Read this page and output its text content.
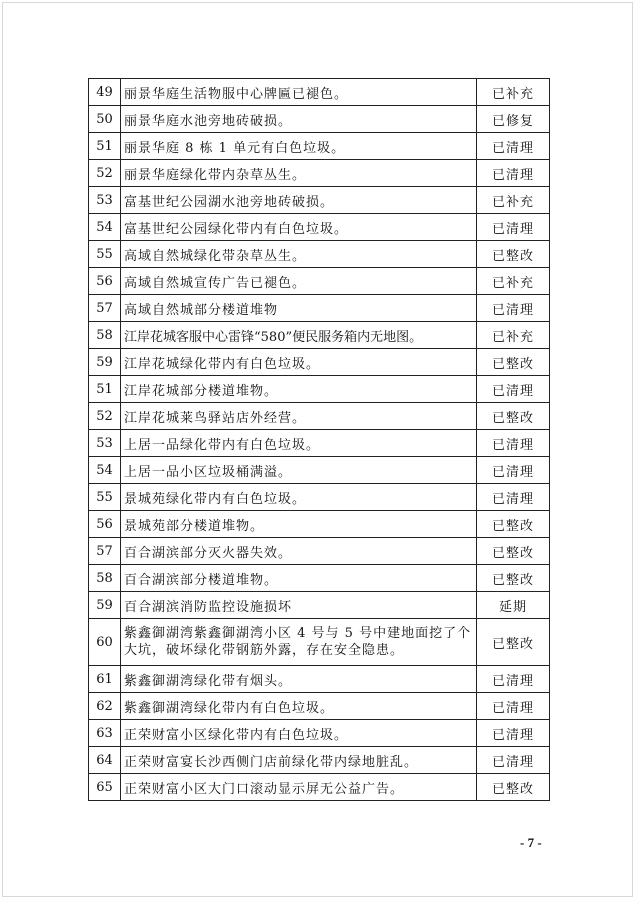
49	丽景华庭生活物服中心牌匾已褪色。	已补充
50	丽景华庭水池旁地砖破损。	已修复
51	丽景华庭 8 栋 1 单元有白色垃圾。	已清理
52	丽景华庭绿化带内杂草丛生。	已清理
53	富基世纪公园湖水池旁地砖破损。	已补充
54	富基世纪公园绿化带内有白色垃圾。	已清理
55	高域自然城绿化带杂草丛生。	已整改
56	高域自然城宣传广告已褪色。	已补充
57	高域自然城部分楼道堆物	已清理
58	江岸花城客服中心雷锋“580”便民服务箱内无地图。	已补充
59	江岸花城绿化带内有白色垃圾。	已整改
51	江岸花城部分楼道堆物。	已清理
52	江岸花城莱鸟驿站店外经营。	已整改
53	上居一品绿化带内有白色垃圾。	已清理
54	上居一品小区垃圾桶满溢。	已清理
55	景城苑绿化带内有白色垃圾。	已清理
56	景城苑部分楼道堆物。	已整改
57	百合湖滨部分灭火器失效。	已整改
58	百合湖滨部分楼道堆物。	已整改
59	百合湖滨消防监控设施损坏	延期
60	紫鑫御湖湾紫鑫御湖湾小区 4 号与 5 号中建地面挖了个大坑，破坏绿化带钢筋外露，存在安全隐患。	已整改
61	紫鑫御湖湾绿化带有烟头。	已清理
62	紫鑫御湖湾绿化带内有白色垃圾。	已清理
63	正荣财富小区绿化带内有白色垃圾。	已清理
64	正荣财富宴长沙西侧门店前绿化带内绿地脏乱。	已清理
65	正荣财富小区大门口滚动显示屏无公益广告。	已整改
- 7 -
